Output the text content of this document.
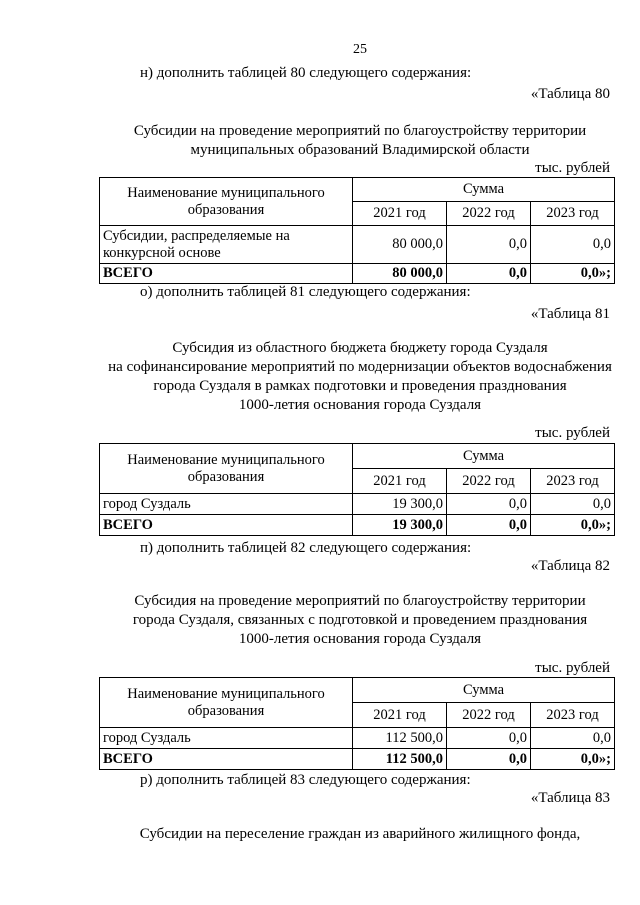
25
н) дополнить таблицей 80 следующего содержания:
«Таблица 80
Субсидии на проведение мероприятий по благоустройству территории
муниципальных образований Владимирской области
тыс. рублей
Наименование муниципального образования	Сумма		
	2021 год	2022 год	2023 год
Субсидии, распределяемые на конкурсной основе	80 000,0	0,0	0,0
ВСЕГО	80 000,0	0,0	0,0»;
о) дополнить таблицей 81 следующего содержания:
«Таблица 81
Субсидия из областного бюджета бюджету города Суздаля
на софинансирование мероприятий по модернизации объектов водоснабжения
города Суздаля в рамках подготовки и проведения празднования
1000-летия основания города Суздаля
тыс. рублей
Наименование муниципального образования	Сумма		
	2021 год	2022 год	2023 год
город Суздаль	19 300,0	0,0	0,0
ВСЕГО	19 300,0	0,0	0,0»;
п) дополнить таблицей 82 следующего содержания:
«Таблица 82
Субсидия на проведение мероприятий по благоустройству территории
города Суздаля, связанных с подготовкой и проведением празднования
1000-летия основания города Суздаля
тыс. рублей
Наименование муниципального образования	Сумма		
	2021 год	2022 год	2023 год
город Суздаль	112 500,0	0,0	0,0
ВСЕГО	112 500,0	0,0	0,0»;
р) дополнить таблицей 83 следующего содержания:
«Таблица 83
Субсидии на переселение граждан из аварийного жилищного фонда,
